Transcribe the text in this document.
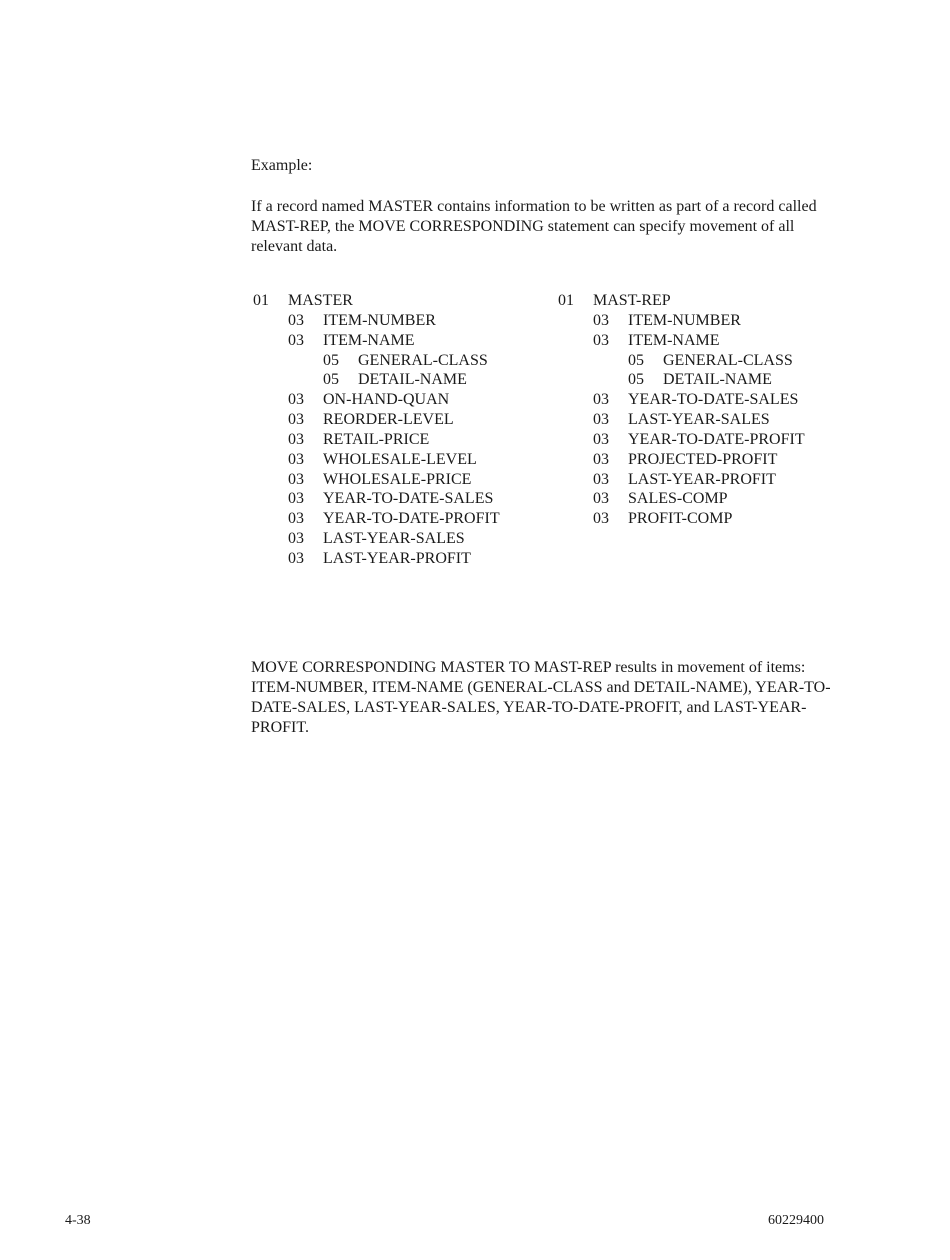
Example:
If a record named MASTER contains information to be written as part of a record called MAST-REP, the MOVE CORRESPONDING statement can specify movement of all relevant data.
01 MASTER
03 ITEM-NUMBER
03 ITEM-NAME
05 GENERAL-CLASS
05 DETAIL-NAME
03 ON-HAND-QUAN
03 REORDER-LEVEL
03 RETAIL-PRICE
03 WHOLESALE-LEVEL
03 WHOLESALE-PRICE
03 YEAR-TO-DATE-SALES
03 YEAR-TO-DATE-PROFIT
03 LAST-YEAR-SALES
03 LAST-YEAR-PROFIT
01 MAST-REP
03 ITEM-NUMBER
03 ITEM-NAME
05 GENERAL-CLASS
05 DETAIL-NAME
03 YEAR-TO-DATE-SALES
03 LAST-YEAR-SALES
03 YEAR-TO-DATE-PROFIT
03 PROJECTED-PROFIT
03 LAST-YEAR-PROFIT
03 SALES-COMP
03 PROFIT-COMP
MOVE CORRESPONDING MASTER TO MAST-REP results in movement of items: ITEM-NUMBER, ITEM-NAME (GENERAL-CLASS and DETAIL-NAME), YEAR-TO-DATE-SALES, LAST-YEAR-SALES, YEAR-TO-DATE-PROFIT, and LAST-YEAR-PROFIT.
4-38	60229400
